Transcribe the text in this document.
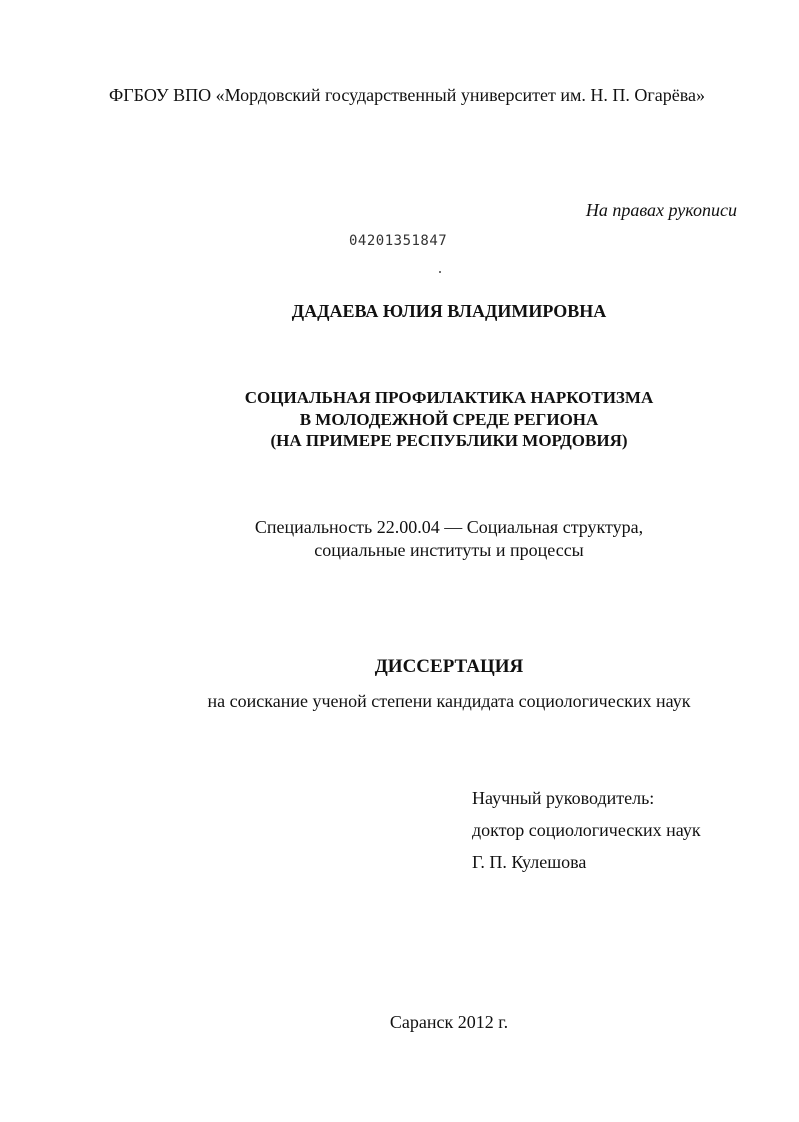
ФГБОУ ВПО «Мордовский государственный университет им. Н. П. Огарёва»
На правах рукописи
04201351847
ДАДАЕВА ЮЛИЯ ВЛАДИМИРОВНА
СОЦИАЛЬНАЯ ПРОФИЛАКТИКА НАРКОТИЗМА
В МОЛОДЕЖНОЙ СРЕДЕ РЕГИОНА
(НА ПРИМЕРЕ РЕСПУБЛИКИ МОРДОВИЯ)
Специальность 22.00.04 — Социальная структура,
социальные институты и процессы
ДИССЕРТАЦИЯ
на соискание ученой степени кандидата социологических наук
Научный руководитель:
доктор социологических наук
Г. П. Кулешова
Саранск 2012 г.
